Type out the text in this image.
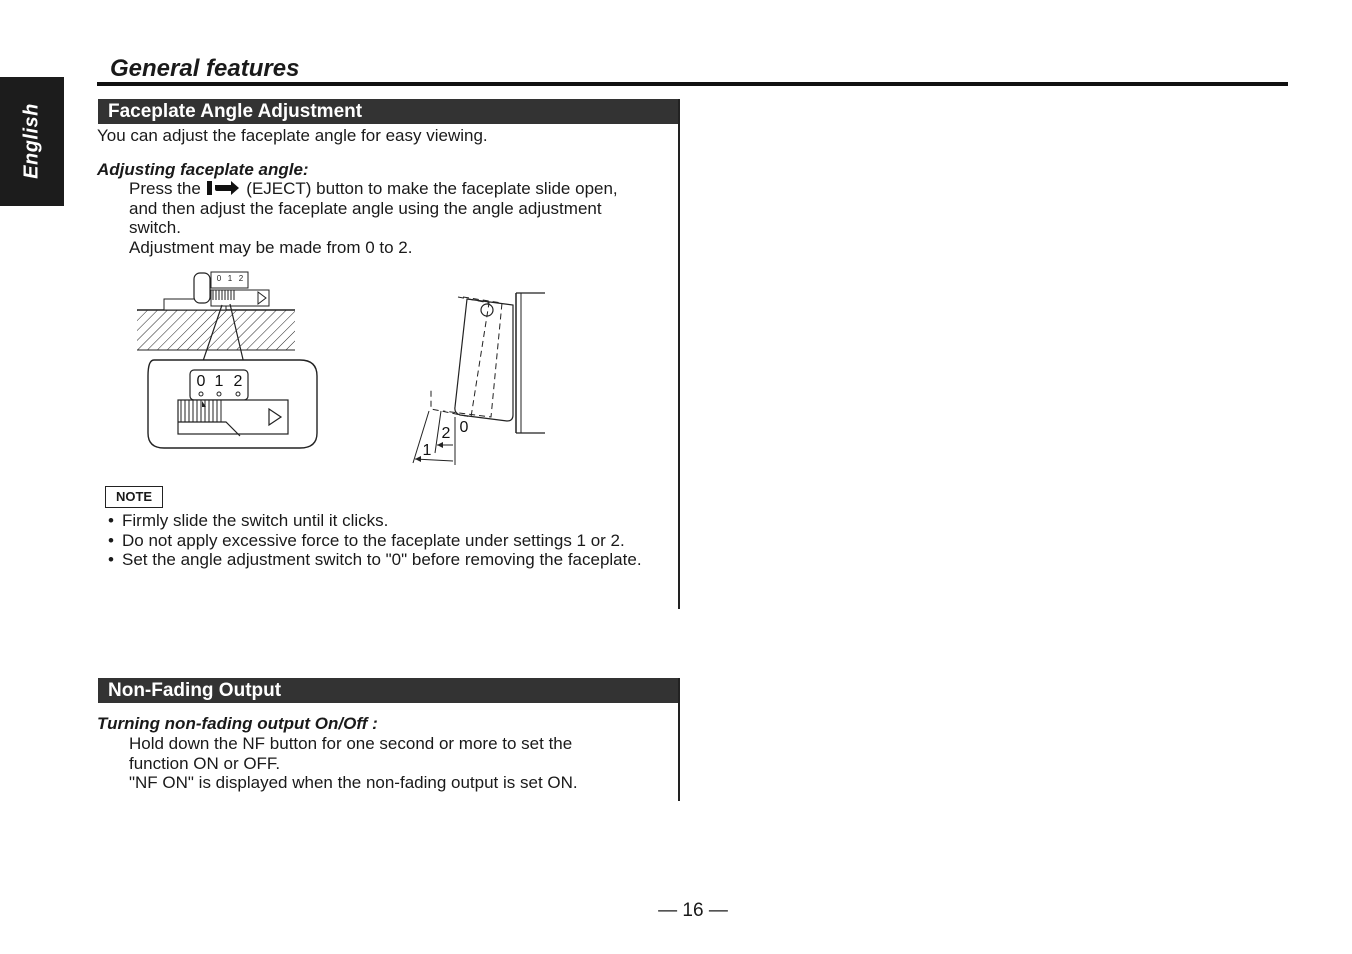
English
General features
Faceplate Angle Adjustment

You can adjust the faceplate angle for easy viewing.

Adjusting faceplate angle:

Press the	(EJECT) button to make the faceplate slide open,
and then adjust the faceplate angle using the angle adjustment
switch.
Adjustment may be made from 0 to 2.
0 1 2
0 1 2
0
2
1
NOTE
• Firmly slide the switch until it clicks.
• Do not apply excessive force to the faceplate under settings 1 or 2.
• Set the angle adjustment switch to "0" before removing the faceplate.
Non-Fading Output

Turning non-fading output On/Off :

Hold down the NF button for one second or more to set the
function ON or OFF.
"NF ON" is displayed when the non-fading output is set ON.
— 16 —
